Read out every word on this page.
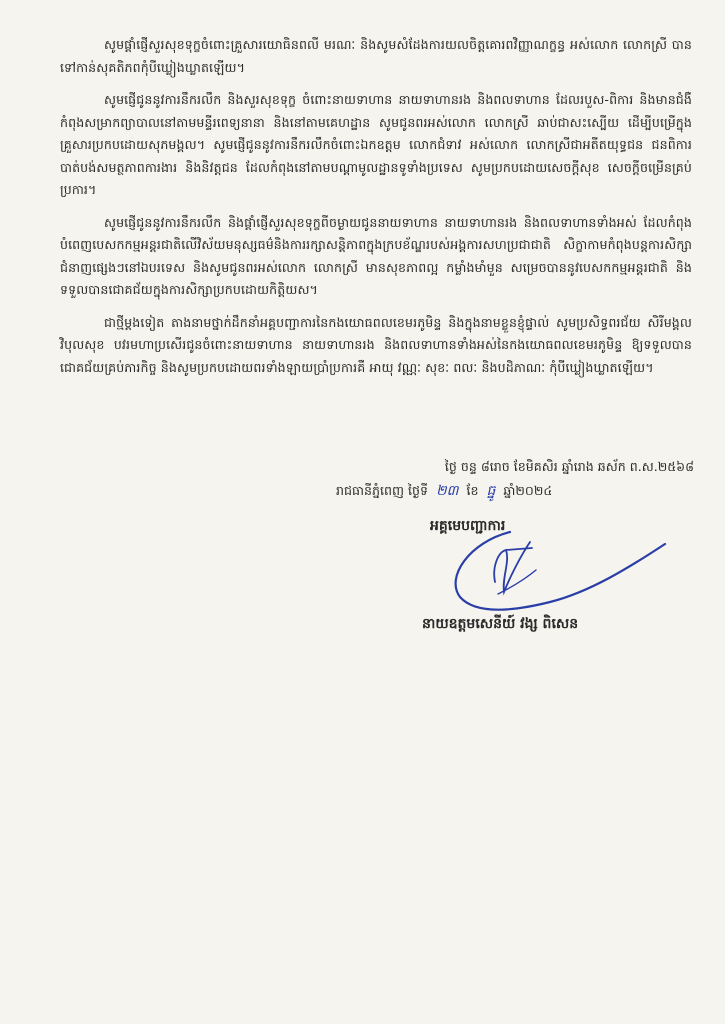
សូមផ្ដាំផ្ញើសួរសុខទុក្ខចំពោះគ្រួសារយោធិនពលី មរណៈ និងសូមសំដែងការយលចិត្តគោរពវិញ្ញាណក្ខន្ធ អស់លោក លោកស្រី បានទៅកាន់សុគតិភពកុំបីឃ្លៀងឃ្លាតឡើយ។

សូមផ្ញើជូននូវការនឹករលឹក និងសួរសុខទុក្ខ ចំពោះនាយទាហាន នាយទាហានរង និងពលទាហាន ដែលរបួស-ពិការ និងមានជំងឺកំពុងសម្រាកព្យាបាលនៅតាមមន្ទីរពេទ្យនានា និងនៅតាមគេហដ្ឋាន សូមជូនពរអស់លោក លោកស្រី ឆាប់ជាសះស្បើយ ដើម្បីបម្រើក្នុងគ្រួសារប្រកបដោយសុភមង្គល។ សូមផ្ញើជូននូវការនឹករលឹកចំពោះឯកឧត្ដម លោកជំទាវ អស់លោក លោកស្រីជាអតីតយុទ្ធជន ជនពិការ បាត់បង់សមត្ថភាពការងារ និងនិវត្តជន ដែលកំពុងនៅតាមបណ្ដាមូលដ្ឋានទូទាំងប្រទេស សូមប្រកបដោយសេចក្ដីសុខ សេចក្ដីចម្រើនគ្រប់ប្រការ។

សូមផ្ញើជូននូវការនឹករលឹក និងផ្ដាំផ្ញើសួរសុខទុក្ខពីចម្ងាយជូននាយទាហាន នាយទាហានរង និងពលទាហានទាំងអស់ ដែលកំពុងបំពេញបេសកកម្មអន្ដរជាតិលើវិស័យមនុស្សធម៌និងការរក្សាសន្ដិភាពក្នុងក្របខ័ណ្ឌរបស់អង្គការសហប្រជាជាតិ សិក្ខាកាមកំពុងបន្ដការសិក្សាជំនាញផ្សេងៗនៅឯបរទេស និងសូមជូនពរអស់លោក លោកស្រី មានសុខភាពល្អ កម្លាំងមាំមួន សម្រេចបាននូវបេសកកម្មអន្ដរជាតិ និងទទួលបានជោគជ័យក្នុងការសិក្សាប្រកបដោយកិត្តិយស។

ជាថ្មីម្ដងទៀត តាងនាមថ្នាក់ដឹកនាំអគ្គបញ្ជាការនៃកងយោធពលខេមរភូមិន្ទ និងក្នុងនាមខ្លួនខ្ញុំផ្ទាល់ សូមប្រសិទ្ធពរជ័យ សិរីមង្គល វិបុលសុខ បវរមហាប្រសើរជូនចំពោះនាយទាហាន នាយទាហានរង និងពលទាហានទាំងអស់នៃកងយោធពលខេមរភូមិន្ទ ឱ្យទទួលបានជោគជ័យគ្រប់ភារកិច្ច និងសូមប្រកបដោយពរទាំងឡាយប្រាំប្រការគឺ អាយុ វណ្ណៈ សុខៈ ពលៈ និងបដិភាណៈ កុំបីឃ្លៀងឃ្លាតឡើយ។

ថ្ងៃ ចន្ទ ៨រោច ខែមិគសិរ ឆ្នាំរោង ឆស័ក ព.ស.២៥៦៨
រាជធានីភ្នំពេញ ថ្ងៃទី ២៣ ខែ ធ្នូ ឆ្នាំ២០២៤
អគ្គមេបញ្ជាការ
នាយឧត្តមសេនីយ៍ វង្ស ពិសេន
